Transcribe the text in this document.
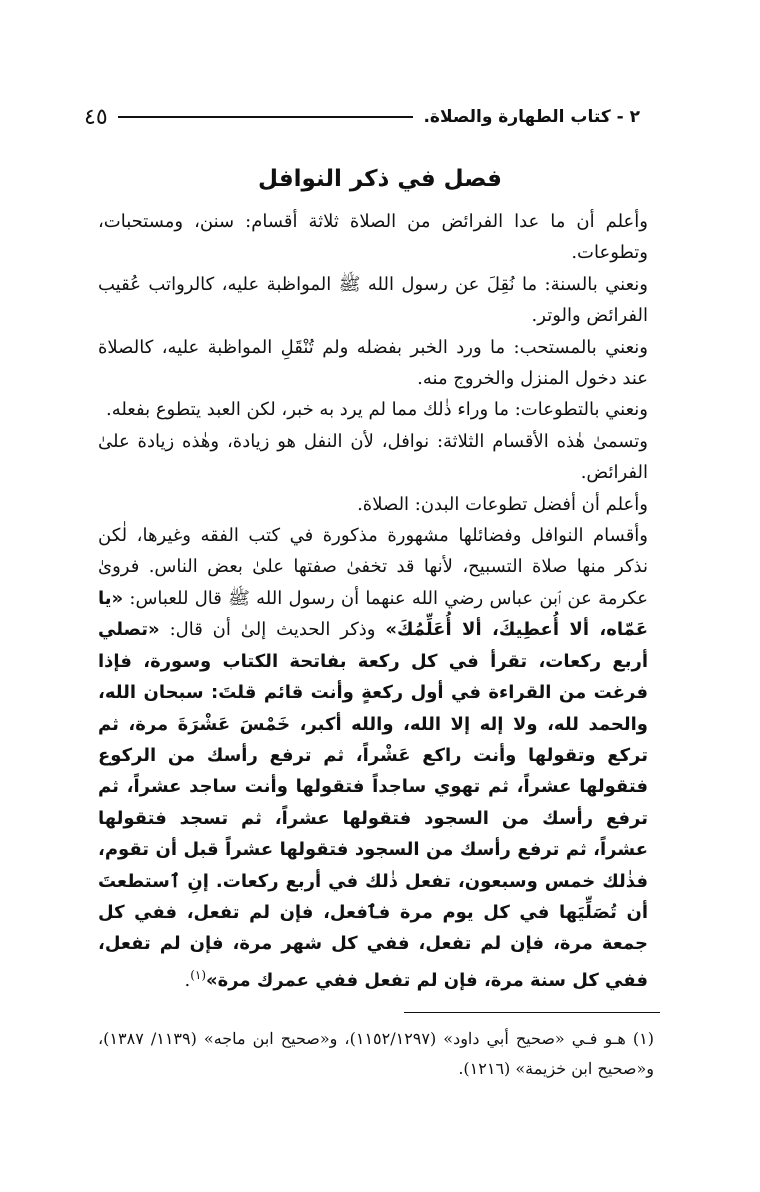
٢ - كتاب الطهارة والصلاة.
٤٥
فصل في ذكر النوافل

وأعلم أن ما عدا الفرائض من الصلاة ثلاثة أقسام: سنن، ومستحبات، وتطوعات.

ونعني بالسنة: ما نُقِلَ عن رسول الله ﷺ المواظبة عليه، كالرواتب عُقيب الفرائض والوتر.

ونعني بالمستحب: ما ورد الخبر بفضله ولم تُنْقَلِ المواظبة عليه، كالصلاة عند دخول المنزل والخروج منه.

ونعني بالتطوعات: ما وراء ذٰلك مما لم يرد به خبر، لكن العبد يتطوع بفعله.

وتسمىٰ هٰذه الأقسام الثلاثة: نوافل، لأن النفل هو زيادة، وهٰذه زيادة علىٰ الفرائض.

وأعلم أن أفضل تطوعات البدن: الصلاة.

وأقسام النوافل وفضائلها مشهورة مذكورة في كتب الفقه وغيرها، لٰكن نذكر منها صلاة التسبيح، لأنها قد تخفىٰ صفتها علىٰ بعض الناس. فروىٰ عكرمة عن ٱبن عباس رضي الله عنهما أن رسول الله ﷺ قال للعباس: «يا عَمّاه، ألا أُعطِيكَ، ألا أُعَلِّمُكَ» وذكر الحديث إلىٰ أن قال: «تصلي أربع ركعات، تقرأ في كل ركعة بفاتحة الكتاب وسورة، فإذا فرغت من القراءة في أول ركعةٍ وأنت قائم قلتَ: سبحان الله، والحمد لله، ولا إله إلا الله، والله أكبر، خَمْسَ عَشْرَةَ مرة، ثم تركع وتقولها وأنت راكع عَشْراً، ثم ترفع رأسك من الركوع فتقولها عشراً، ثم تهوي ساجداً فتقولها وأنت ساجد عشراً، ثم ترفع رأسك من السجود فتقولها عشراً، ثم تسجد فتقولها عشراً، ثم ترفع رأسك من السجود فتقولها عشراً قبل أن تقوم، فذٰلك خمس وسبعون، تفعل ذٰلك في أربع ركعات. إنِ ٱستطعتَ أن تُصَلِّيَها في كل يوم مرة فٱفعل، فإن لم تفعل، ففي كل جمعة مرة، فإن لم تفعل، ففي كل شهر مرة، فإن لم تفعل، ففي كل سنة مرة، فإن لم تفعل ففي عمرك مرة»$^{(١)}$.

(١) هـو فـي «صحيح أبي داود» (١١٥٢/١٢٩٧)، و«صحيح ابن ماجه» (١١٣٩/ ١٣٨٧)، و«صحيح ابن خزيمة» (١٢١٦).
